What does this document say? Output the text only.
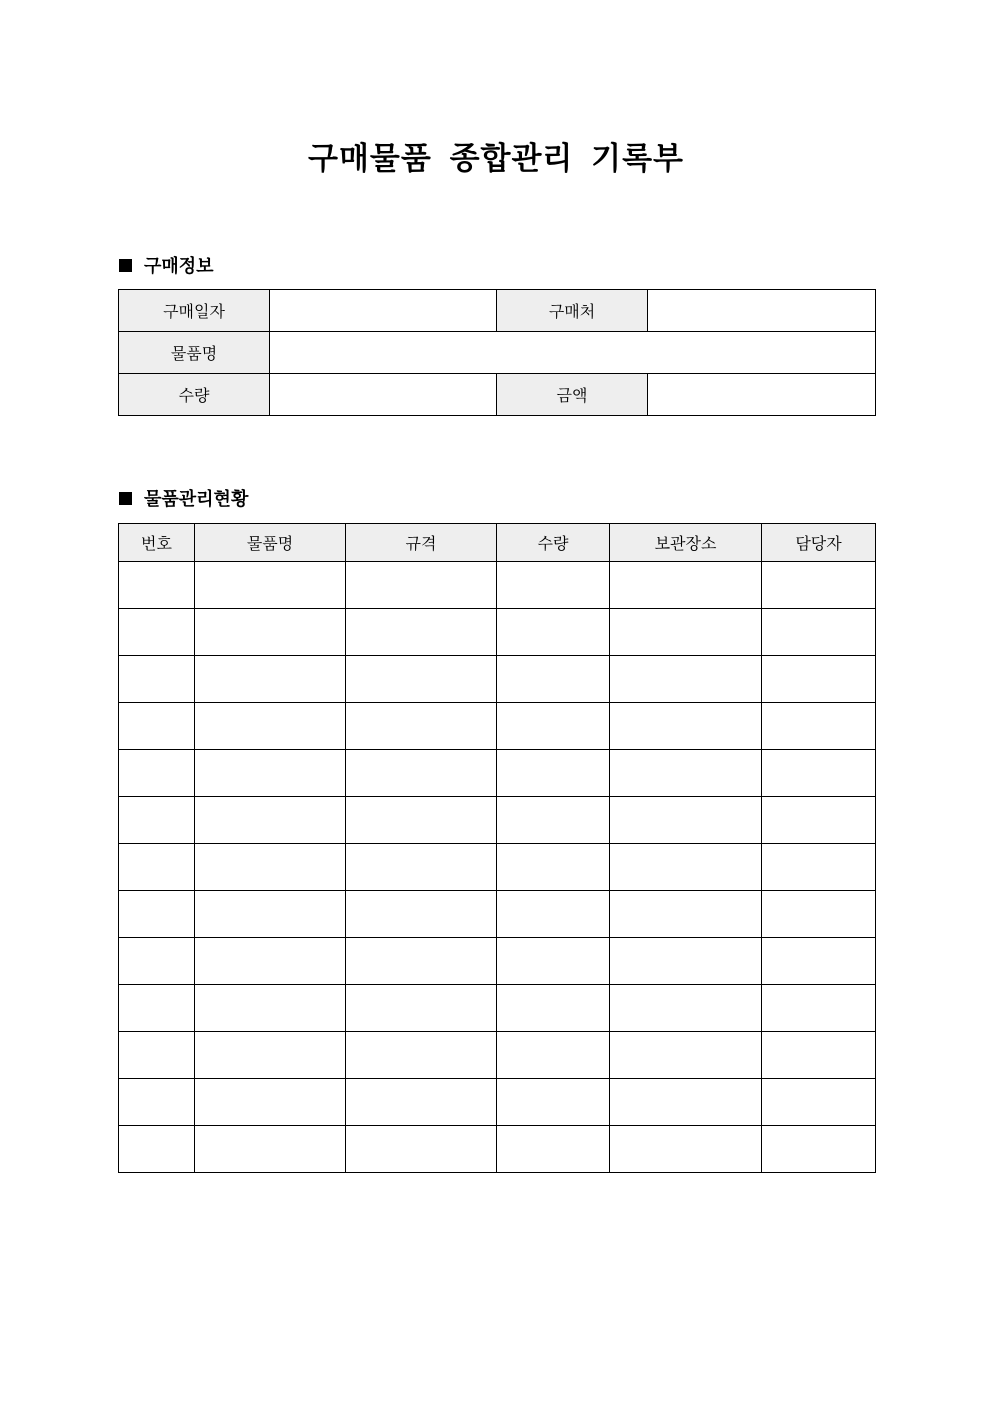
구매물품 종합관리 기록부
구매정보
구매일자		구매처	
물품명			
수량		금액	
물품관리현황
번호	물품명	규격	수량	보관장소	담당자
